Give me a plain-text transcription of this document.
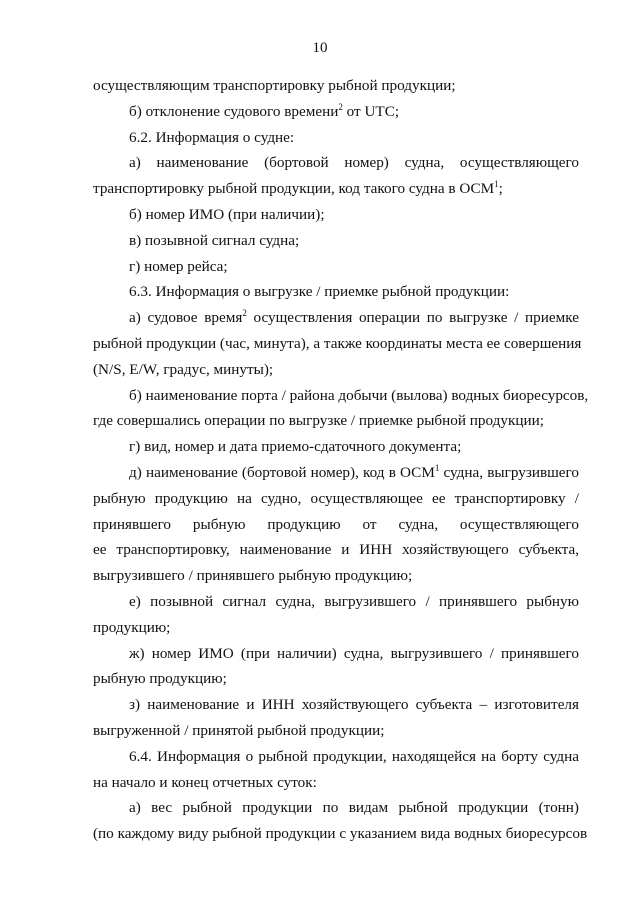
10
осуществляющим транспортировку рыбной продукции;
б) отклонение судового времени$^2$ от UTC;
6.2. Информация о судне:
а) наименование (бортовой номер) судна, осуществляющего
транспортировку рыбной продукции, код такого судна в ОСМ$^1$;
б) номер ИМО (при наличии);
в) позывной сигнал судна;
г) номер рейса;
6.3. Информация о выгрузке / приемке рыбной продукции:
а) судовое время$^2$ осуществления операции по выгрузке / приемке
рыбной продукции (час, минута), а также координаты места ее совершения
(N/S, E/W, градус, минуты);
б) наименование порта / района добычи (вылова) водных биоресурсов,
где совершались операции по выгрузке / приемке рыбной продукции;
г) вид, номер и дата приемо-сдаточного документа;
д) наименование (бортовой номер), код в ОСМ$^1$ судна, выгрузившего
рыбную продукцию на судно, осуществляющее ее транспортировку /
принявшего рыбную продукцию от судна, осуществляющего
ее транспортировку, наименование и ИНН хозяйствующего субъекта,
выгрузившего / принявшего рыбную продукцию;
е) позывной сигнал судна, выгрузившего / принявшего рыбную
продукцию;
ж) номер ИМО (при наличии) судна, выгрузившего / принявшего
рыбную продукцию;
з) наименование и ИНН хозяйствующего субъекта – изготовителя
выгруженной / принятой рыбной продукции;
6.4. Информация о рыбной продукции, находящейся на борту судна
на начало и конец отчетных суток:
а) вес рыбной продукции по видам рыбной продукции (тонн)
(по каждому виду рыбной продукции с указанием вида водных биоресурсов
